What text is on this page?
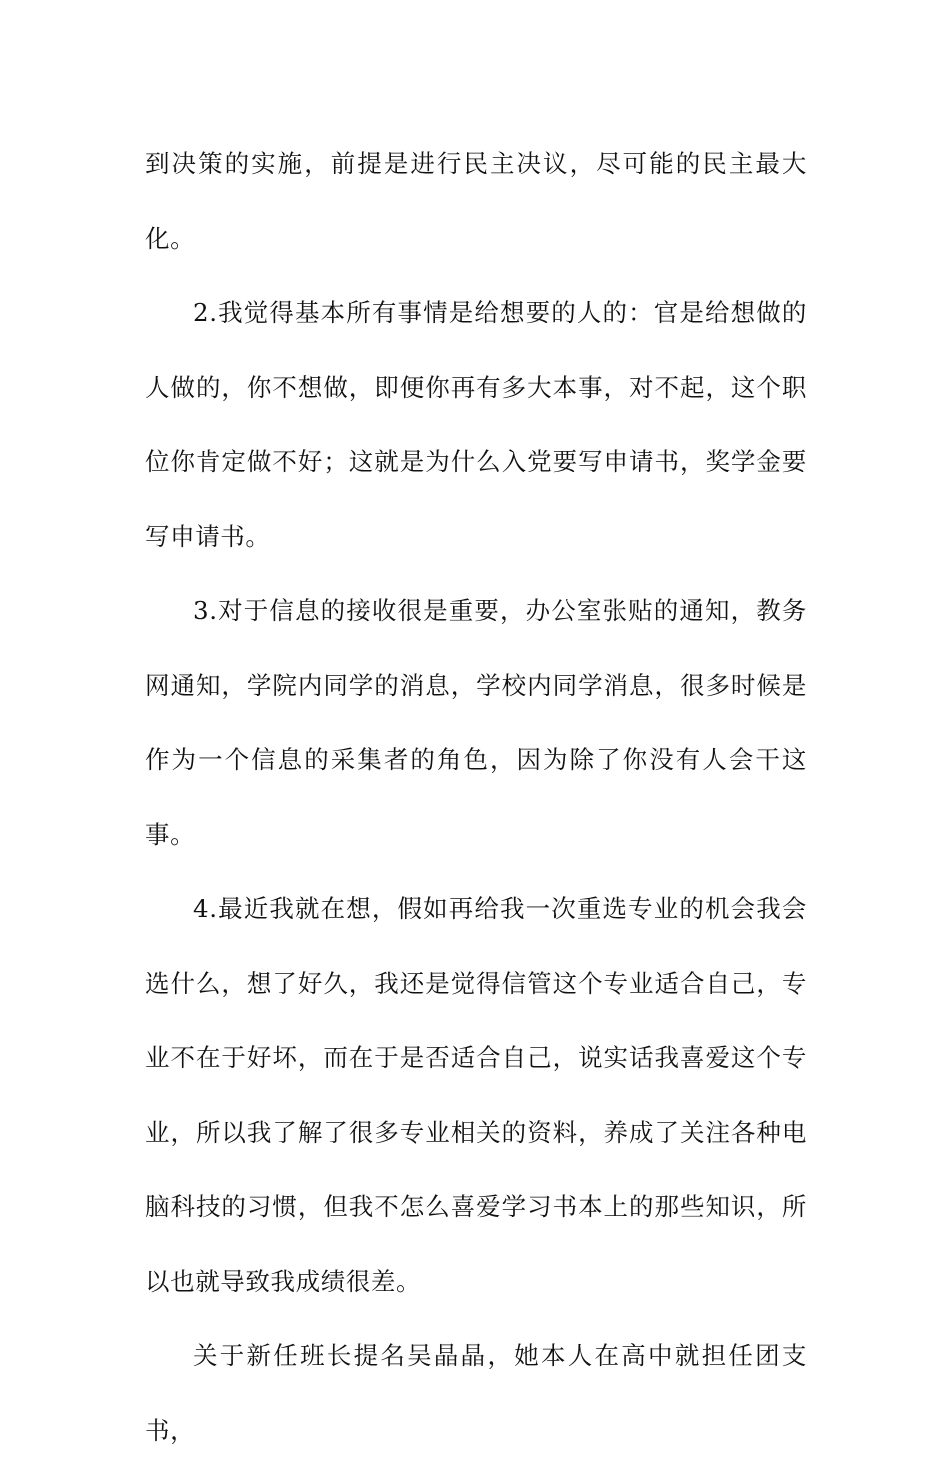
到决策的实施，前提是进行民主决议，尽可能的民主最大化。

2.我觉得基本所有事情是给想要的人的：官是给想做的人做的，你不想做，即便你再有多大本事，对不起，这个职位你肯定做不好；这就是为什么入党要写申请书，奖学金要写申请书。

3.对于信息的接收很是重要，办公室张贴的通知，教务网通知，学院内同学的消息，学校内同学消息，很多时候是作为一个信息的采集者的角色，因为除了你没有人会干这事。

4.最近我就在想，假如再给我一次重选专业的机会我会选什么，想了好久，我还是觉得信管这个专业适合自己，专业不在于好坏，而在于是否适合自己，说实话我喜爱这个专业，所以我了解了很多专业相关的资料，养成了关注各种电脑科技的习惯，但我不怎么喜爱学习书本上的那些知识，所以也就导致我成绩很差。

关于新任班长提名吴晶晶，她本人在高中就担任团支书，
